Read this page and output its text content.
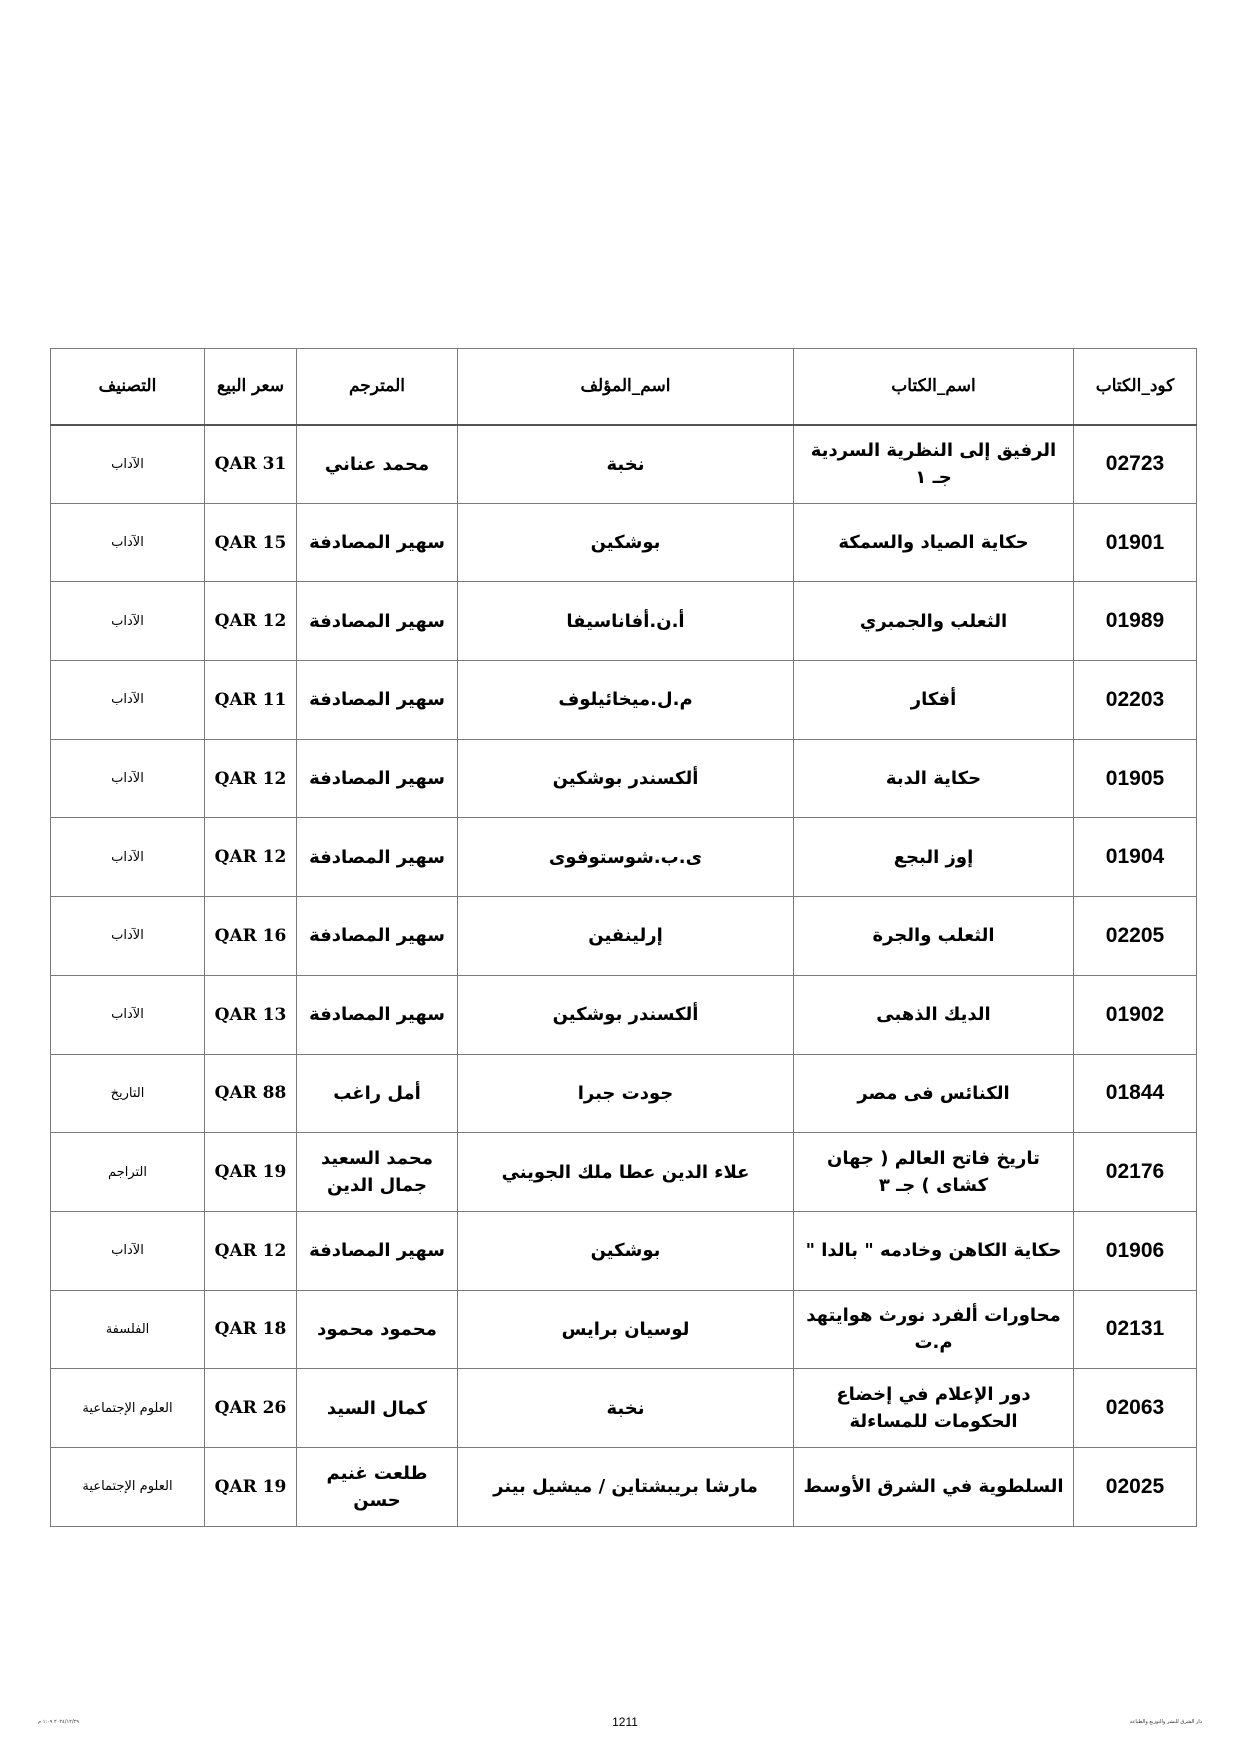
كود_الكتاب	اسم_الكتاب	اسم_المؤلف	المترجم	سعر البيع	التصنيف
02723	الرفيق إلى النظرية السردية جـ ١	نخبة	محمد عناني	QAR 31	الآداب
01901	حكاية الصياد والسمكة	بوشكين	سهير المصادفة	QAR 15	الآداب
01989	الثعلب والجمبري	أ.ن.أفاناسيفا	سهير المصادفة	QAR 12	الآداب
02203	أفكار	م.ل.ميخائيلوف	سهير المصادفة	QAR 11	الآداب
01905	حكاية الدبة	ألكسندر بوشكين	سهير المصادفة	QAR 12	الآداب
01904	إوز البجع	ى.ب.شوستوفوى	سهير المصادفة	QAR 12	الآداب
02205	الثعلب والجرة	إرلينفين	سهير المصادفة	QAR 16	الآداب
01902	الديك الذهبى	ألكسندر بوشكين	سهير المصادفة	QAR 13	الآداب
01844	الكنائس فى مصر	جودت جبرا	أمل راغب	QAR 88	التاريخ
02176	تاريخ فاتح العالم ( جهان كشاى ) جـ ٣	علاء الدين عطا ملك الجويني	محمد السعيد جمال الدين	QAR 19	التراجم
01906	حكاية الكاهن وخادمه " بالدا "	بوشكين	سهير المصادفة	QAR 12	الآداب
02131	محاورات ألفرد نورث هوايتهد م.ت	لوسيان برايس	محمود محمود	QAR 18	الفلسفة
02063	دور الإعلام في إخضاع الحكومات للمساءلة	نخبة	كمال السيد	QAR 26	العلوم الإجتماعية
02025	السلطوية في الشرق الأوسط	مارشا بريبشتاين / ميشيل بينر	طلعت غنيم حسن	QAR 19	العلوم الإجتماعية
1211
٢٠٢٤/١٢/٢٩ ١:٠٩ م	دار الشرق للنشر والتوزيع والطباعة
